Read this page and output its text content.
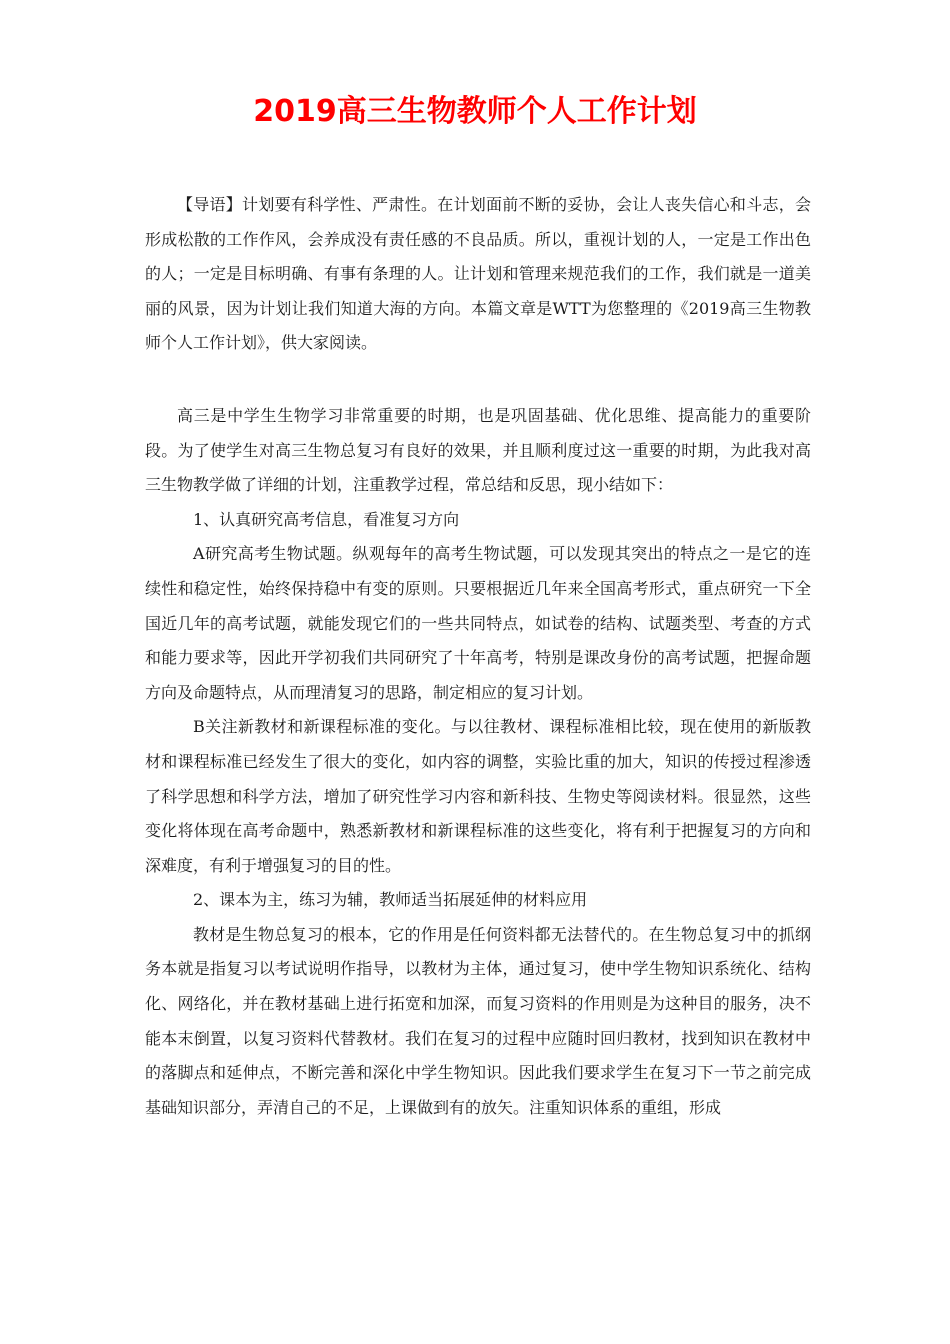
2019高三生物教师个人工作计划

【导语】计划要有科学性、严肃性。在计划面前不断的妥协，会让人丧失信心和斗志，会形成松散的工作作风，会养成没有责任感的不良品质。所以，重视计划的人，一定是工作出色的人；一定是目标明确、有事有条理的人。让计划和管理来规范我们的工作，我们就是一道美丽的风景，因为计划让我们知道大海的方向。本篇文章是WTT为您整理的《2019高三生物教师个人工作计划》，供大家阅读。

高三是中学生生物学习非常重要的时期，也是巩固基础、优化思维、提高能力的重要阶段。为了使学生对高三生物总复习有良好的效果，并且顺利度过这一重要的时期，为此我对高三生物教学做了详细的计划，注重教学过程，常总结和反思，现小结如下：

1、认真研究高考信息，看准复习方向

A研究高考生物试题。纵观每年的高考生物试题，可以发现其突出的特点之一是它的连续性和稳定性，始终保持稳中有变的原则。只要根据近几年来全国高考形式，重点研究一下全国近几年的高考试题，就能发现它们的一些共同特点，如试卷的结构、试题类型、考查的方式和能力要求等，因此开学初我们共同研究了十年高考，特别是课改身份的高考试题，把握命题方向及命题特点，从而理清复习的思路，制定相应的复习计划。

B关注新教材和新课程标准的变化。与以往教材、课程标准相比较，现在使用的新版教材和课程标准已经发生了很大的变化，如内容的调整，实验比重的加大，知识的传授过程渗透了科学思想和科学方法，增加了研究性学习内容和新科技、生物史等阅读材料。很显然，这些变化将体现在高考命题中，熟悉新教材和新课程标准的这些变化，将有利于把握复习的方向和深难度，有利于增强复习的目的性。

2、课本为主，练习为辅，教师适当拓展延伸的材料应用

教材是生物总复习的根本，它的作用是任何资料都无法替代的。在生物总复习中的抓纲务本就是指复习以考试说明作指导，以教材为主体，通过复习，使中学生物知识系统化、结构化、网络化，并在教材基础上进行拓宽和加深，而复习资料的作用则是为这种目的服务，决不能本末倒置，以复习资料代替教材。我们在复习的过程中应随时回归教材，找到知识在教材中的落脚点和延伸点，不断完善和深化中学生物知识。因此我们要求学生在复习下一节之前完成基础知识部分，弄清自己的不足，上课做到有的放矢。注重知识体系的重组，形成
